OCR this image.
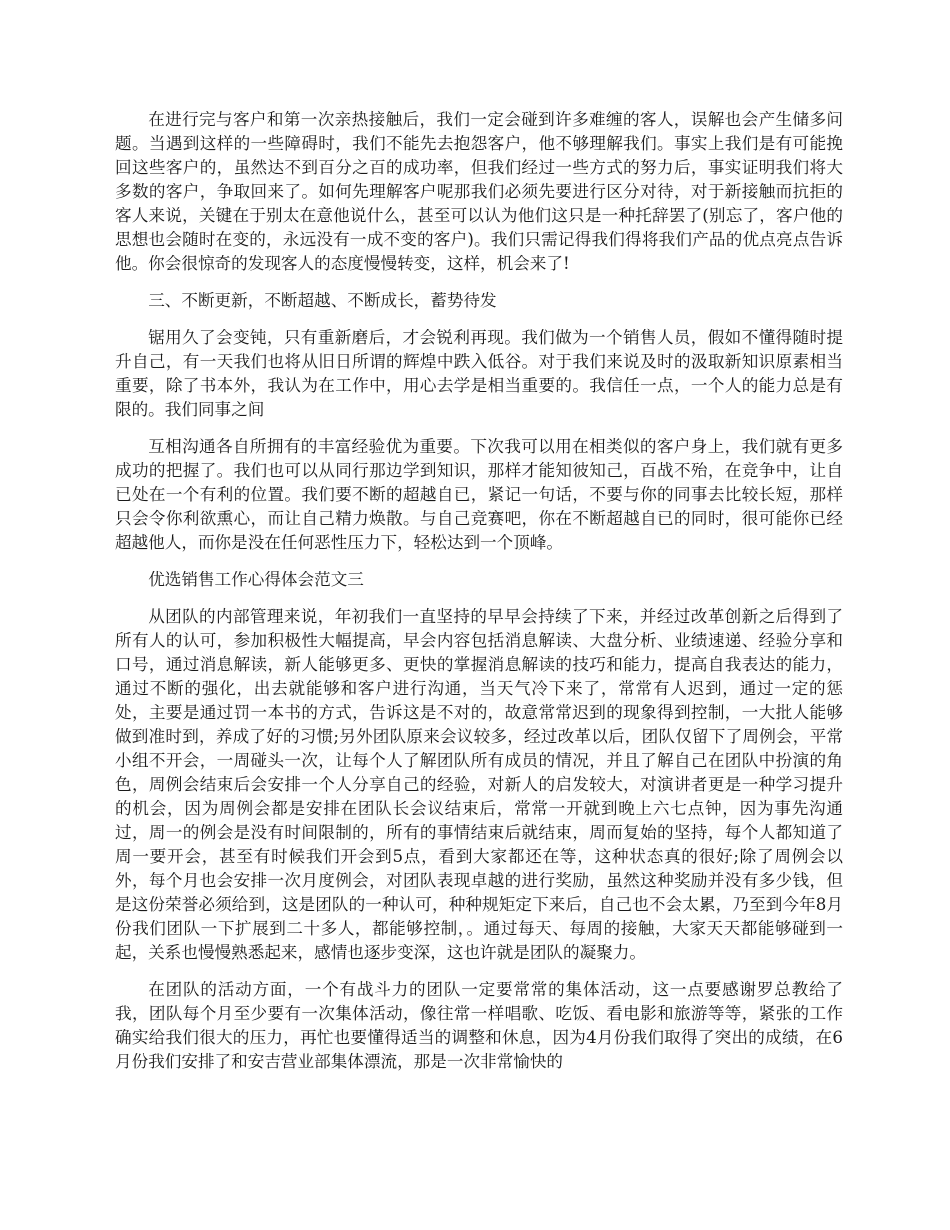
在进行完与客户和第一次亲热接触后，我们一定会碰到许多难缠的客人，误解也会产生储多问题。当遇到这样的一些障碍时，我们不能先去抱怨客户，他不够理解我们。事实上我们是有可能挽回这些客户的，虽然达不到百分之百的成功率，但我们经过一些方式的努力后，事实证明我们将大多数的客户，争取回来了。如何先理解客户呢那我们必须先要进行区分对待，对于新接触而抗拒的客人来说，关键在于别太在意他说什么，甚至可以认为他们这只是一种托辞罢了(别忘了，客户他的思想也会随时在变的，永远没有一成不变的客户)。我们只需记得我们得将我们产品的优点亮点告诉他。你会很惊奇的发现客人的态度慢慢转变，这样，机会来了!

三、不断更新，不断超越、不断成长，蓄势待发

锯用久了会变钝，只有重新磨后，才会锐利再现。我们做为一个销售人员，假如不懂得随时提升自己，有一天我们也将从旧日所谓的辉煌中跌入低谷。对于我们来说及时的汲取新知识原素相当重要，除了书本外，我认为在工作中，用心去学是相当重要的。我信任一点，一个人的能力总是有限的。我们同事之间

互相沟通各自所拥有的丰富经验优为重要。下次我可以用在相类似的客户身上，我们就有更多成功的把握了。我们也可以从同行那边学到知识，那样才能知彼知己，百战不殆，在竞争中，让自已处在一个有利的位置。我们要不断的超越自已，紧记一句话，不要与你的同事去比较长短，那样只会令你利欲熏心，而让自己精力焕散。与自己竞赛吧，你在不断超越自已的同时，很可能你已经超越他人，而你是没在任何恶性压力下，轻松达到一个顶峰。

优选销售工作心得体会范文三

从团队的内部管理来说，年初我们一直坚持的早早会持续了下来，并经过改革创新之后得到了所有人的认可，参加积极性大幅提高，早会内容包括消息解读、大盘分析、业绩速递、经验分享和口号，通过消息解读，新人能够更多、更快的掌握消息解读的技巧和能力，提高自我表达的能力，通过不断的强化，出去就能够和客户进行沟通，当天气冷下来了，常常有人迟到，通过一定的惩处，主要是通过罚一本书的方式，告诉这是不对的，故意常常迟到的现象得到控制，一大批人能够做到准时到，养成了好的习惯;另外团队原来会议较多，经过改革以后，团队仅留下了周例会，平常小组不开会，一周碰头一次，让每个人了解团队所有成员的情况，并且了解自己在团队中扮演的角色，周例会结束后会安排一个人分享自己的经验，对新人的启发较大，对演讲者更是一种学习提升的机会，因为周例会都是安排在团队长会议结束后，常常一开就到晚上六七点钟，因为事先沟通过，周一的例会是没有时间限制的，所有的事情结束后就结束，周而复始的坚持，每个人都知道了周一要开会，甚至有时候我们开会到5点，看到大家都还在等，这种状态真的很好;除了周例会以外，每个月也会安排一次月度例会，对团队表现卓越的进行奖励，虽然这种奖励并没有多少钱，但是这份荣誉必须给到，这是团队的一种认可，种种规矩定下来后，自己也不会太累，乃至到今年8月份我们团队一下扩展到二十多人，都能够控制，。通过每天、每周的接触，大家天天都能够碰到一起，关系也慢慢熟悉起来，感情也逐步变深，这也许就是团队的凝聚力。

在团队的活动方面，一个有战斗力的团队一定要常常的集体活动，这一点要感谢罗总教给了我，团队每个月至少要有一次集体活动，像往常一样唱歌、吃饭、看电影和旅游等等，紧张的工作确实给我们很大的压力，再忙也要懂得适当的调整和休息，因为4月份我们取得了突出的成绩，在6月份我们安排了和安吉营业部集体漂流，那是一次非常愉快的
